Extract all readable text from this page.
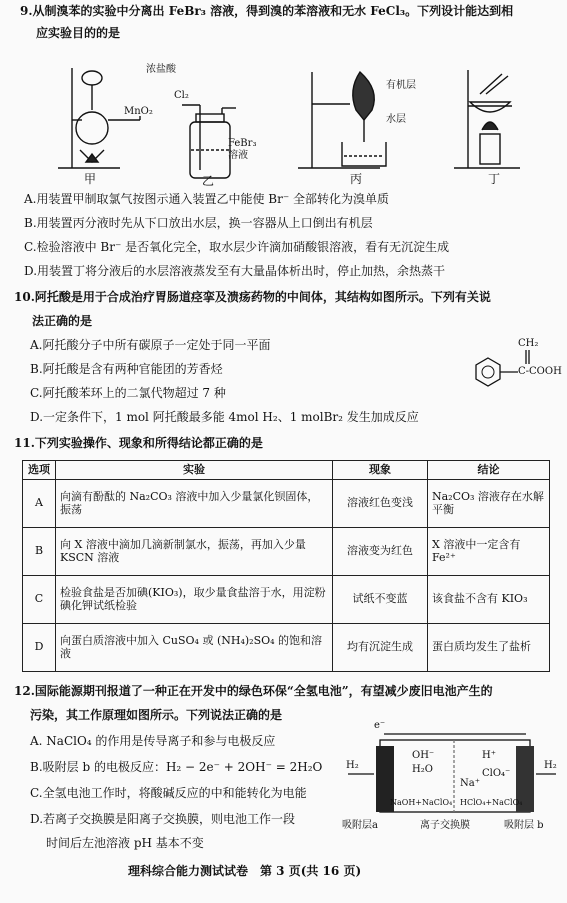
9.从制溴苯的实验中分离出 FeBr₃ 溶液，得到溴的苯溶液和无水 FeCl₃。下列设计能达到相
应实验目的的是
浓盐酸
MnO₂
Cl₂
FeBr₃
溶液
有机层
水层
甲	乙	丙	丁
A.用装置甲制取氯气按图示通入装置乙中能使 Br⁻ 全部转化为溴单质
B.用装置丙分液时先从下口放出水层，换一容器从上口倒出有机层
C.检验溶液中 Br⁻ 是否氧化完全，取水层少许滴加硝酸银溶液，看有无沉淀生成
D.用装置丁将分液后的水层溶液蒸发至有大量晶体析出时，停止加热，余热蒸干
10.阿托酸是用于合成治疗胃肠道痉挛及溃疡药物的中间体，其结构如图所示。下列有关说
法正确的是
A.阿托酸分子中所有碳原子一定处于同一平面
B.阿托酸是含有两种官能团的芳香烃
C.阿托酸苯环上的二氯代物超过 7 种
D.一定条件下，1 mol 阿托酸最多能 4mol H₂、1 molBr₂ 发生加成反应
CH₂
C-COOH
11.下列实验操作、现象和所得结论都正确的是
选项	实验	现象	结论
A	向滴有酚酞的 Na₂CO₃ 溶液中加入少量氯化钡固体，振荡	溶液红色变浅	Na₂CO₃ 溶液存在水解平衡
B	向 X 溶液中滴加几滴新制氯水，振荡，再加入少量 KSCN 溶液	溶液变为红色	X 溶液中一定含有 Fe²⁺
C	检验食盐是否加碘(KIO₃)，取少量食盐溶于水，用淀粉碘化钾试纸检验	试纸不变蓝	该食盐不含有 KIO₃
D	向蛋白质溶液中加入 CuSO₄ 或 (NH₄)₂SO₄ 的饱和溶液	均有沉淀生成	蛋白质均发生了盐析
12.国际能源期刊报道了一种正在开发中的绿色环保“全氢电池”，有望减少废旧电池产生的
污染，其工作原理如图所示。下列说法正确的是
A. NaClO₄ 的作用是传导离子和参与电极反应
B.吸附层 b 的电极反应：H₂ − 2e⁻ + 2OH⁻ = 2H₂O
C.全氢电池工作时，将酸碱反应的中和能转化为电能
D.若离子交换膜是阳离子交换膜，则电池工作一段
时间后左池溶液 pH 基本不变
e⁻
H₂	H₂
OH⁻
H₂O
Na⁺
H⁺
ClO₄⁻
NaOH+NaClO₄ HClO₄+NaClO₄
吸附层a	离子交换膜	吸附层 b
理科综合能力测试试卷　第 3 页(共 16 页)
